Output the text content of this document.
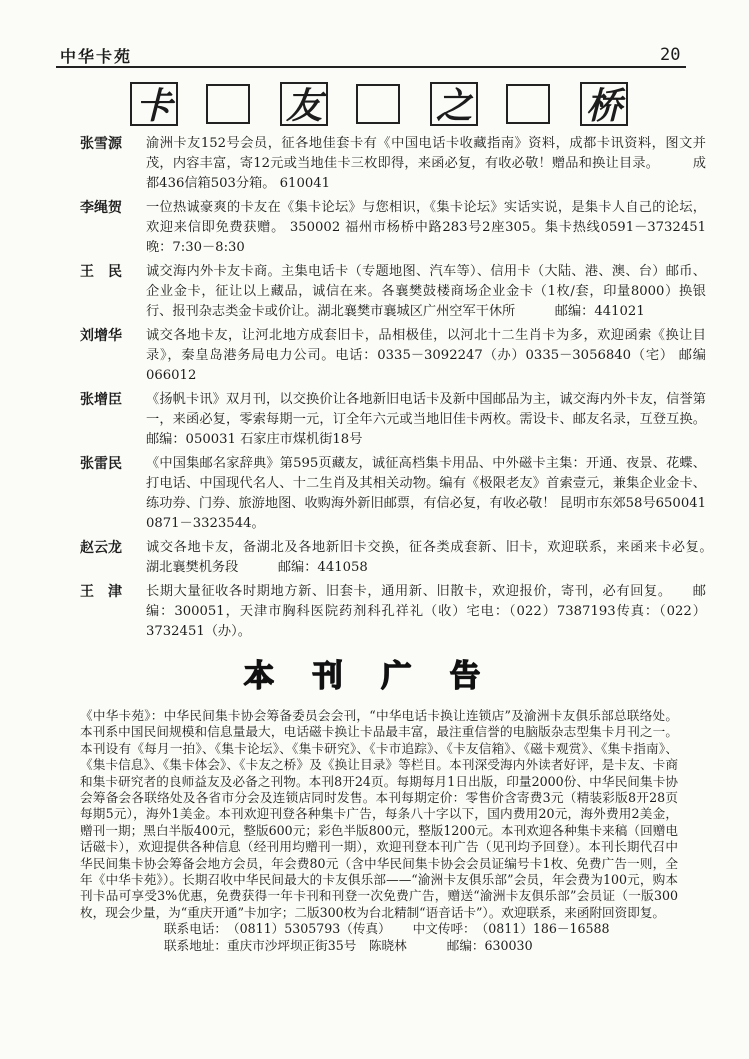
中华卡苑	20
卡	友	之	桥
张雪源	渝洲卡友152号会员，征各地佳套卡有《中国电话卡收藏指南》资料，成都卡讯资料，图文并茂，内容丰富，寄12元或当地佳卡三枚即得，来函必复，有收必敬！赠品和换让目录。　　　成都436信箱503分箱。 610041
李绳贺	一位热诚豪爽的卡友在《集卡论坛》与您相识，《集卡论坛》实话实说，是集卡人自己的论坛，欢迎来信即免费获赠。 350002 福州市杨桥中路283号2座305。集卡热线0591－3732451晚：7:30－8:30
王　民	诚交海内外卡友卡商。主集电话卡（专题地图、汽车等）、信用卡（大陆、港、澳、台）邮币、企业金卡，征让以上藏品，诚信在来。各襄樊鼓楼商场企业金卡（1枚/套，印量8000）换银行、报刊杂志类金卡或价让。湖北襄樊市襄城区广州空军干休所　　　邮编：441021
刘增华	诚交各地卡友，让河北地方成套旧卡，品相极佳，以河北十二生肖卡为多，欢迎函索《换让目录》，秦皇岛港务局电力公司。电话：0335－3092247（办）0335－3056840（宅） 邮编066012
张增臣	《扬帆卡讯》双月刊，以交换价让各地新旧电话卡及新中国邮品为主，诚交海内外卡友，信誉第一，来函必复，零索每期一元，订全年六元或当地旧佳卡两枚。需设卡、邮友名录，互登互换。邮编：050031 石家庄市煤机街18号
张雷民	《中国集邮名家辞典》第595页藏友，诚征高档集卡用品、中外磁卡主集：开通、夜景、花蝶、打电话、中国现代名人、十二生肖及其相关动物。编有《极限老友》首索壹元，兼集企业金卡、练功券、门券、旅游地图、收购海外新旧邮票，有信必复，有收必敬！ 昆明市东郊58号650041 0871－3323544。
赵云龙	诚交各地卡友，备湖北及各地新旧卡交换，征各类成套新、旧卡，欢迎联系，来函来卡必复。　湖北襄樊机务段　　　邮编：441058
王　津	长期大量征收各时期地方新、旧套卡，通用新、旧散卡，欢迎报价，寄刊，必有回复。　　邮编：300051，天津市胸科医院药剂科孔祥礼（收）宅电：（022）7387193传真：（022）3732451（办）。
本	刊	广	告

《中华卡苑》：中华民间集卡协会筹备委员会会刊，“中华电话卡换让连锁店”及渝洲卡友俱乐部总联络处。本刊系中国民间规模和信息量最大，电话磁卡换让卡品最丰富，最注重信誉的电脑版杂志型集卡月刊之一。本刊设有《每月一拍》、《集卡论坛》、《集卡研究》、《卡市追踪》、《卡友信箱》、《磁卡观赏》、《集卡指南》、《集卡信息》、《集卡体会》、《卡友之桥》及《换让目录》等栏目。本刊深受海内外读者好评，是卡友、卡商和集卡研究者的良师益友及必备之刊物。本刊8开24页。每期每月1日出版，印量2000份、中华民间集卡协会筹备会各联络处及各省市分会及连锁店同时发售。本刊每期定价：零售价含寄费3元（精装彩版8开28页每期5元），海外1美金。本刊欢迎刊登各种集卡广告，每条八十字以下，国内费用20元，海外费用2美金，赠刊一期；黑白半版400元，整版600元；彩色半版800元，整版1200元。本刊欢迎各种集卡来稿（回赠电话磁卡），欢迎提供各种信息（经刊用均赠刊一期），欢迎刊登本刊广告（见刊均予回登）。本刊长期代召中华民间集卡协会筹备会地方会员，年会费80元（含中华民间集卡协会会员证编号卡1枚、免费广告一则，全年《中华卡苑》）。长期召收中华民间最大的卡友俱乐部——“渝洲卡友俱乐部”会员，年会费为100元，购本刊卡品可享受3%优惠，免费获得一年卡刊和刊登一次免费广告，赠送“渝洲卡友俱乐部”会员证（一版300枚，现会少量，为“重庆开通”卡加字；二版300枚为台北精制“语音话卡”）。欢迎联系，来函附回资即复。

联系电话：（0811）5305793（传真） 中文传呼：（0811）186－16588

联系地址：重庆市沙坪坝正街35号　陈晓林	邮编：630030
